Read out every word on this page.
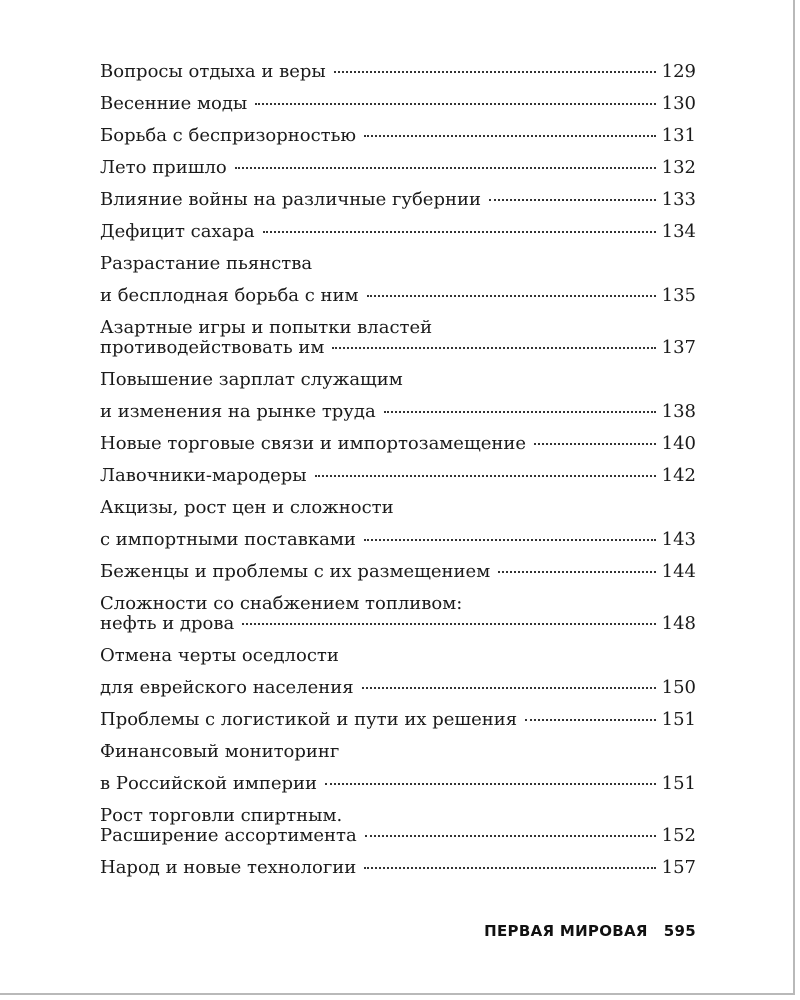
Вопросы отдыха и веры	129
Весенние моды	130
Борьба с беспризорностью	131
Лето пришло	132
Влияние войны на различные губернии	133
Дефицит сахара	134
Разрастание пьянства
и бесплодная борьба с ним	135
Азартные игры и попытки властей
противодействовать им	137
Повышение зарплат служащим
и изменения на рынке труда	138
Новые торговые связи и импортозамещение	140
Лавочники-мародеры	142
Акцизы, рост цен и сложности
с импортными поставками	143
Беженцы и проблемы с их размещением	144
Сложности со снабжением топливом:
нефть и дрова	148
Отмена черты оседлости
для еврейского населения	150
Проблемы с логистикой и пути их решения	151
Финансовый мониторинг
в Российской империи	151
Рост торговли спиртным.
Расширение ассортимента	152
Народ и новые технологии	157
ПЕРВАЯ МИРОВАЯ 595
